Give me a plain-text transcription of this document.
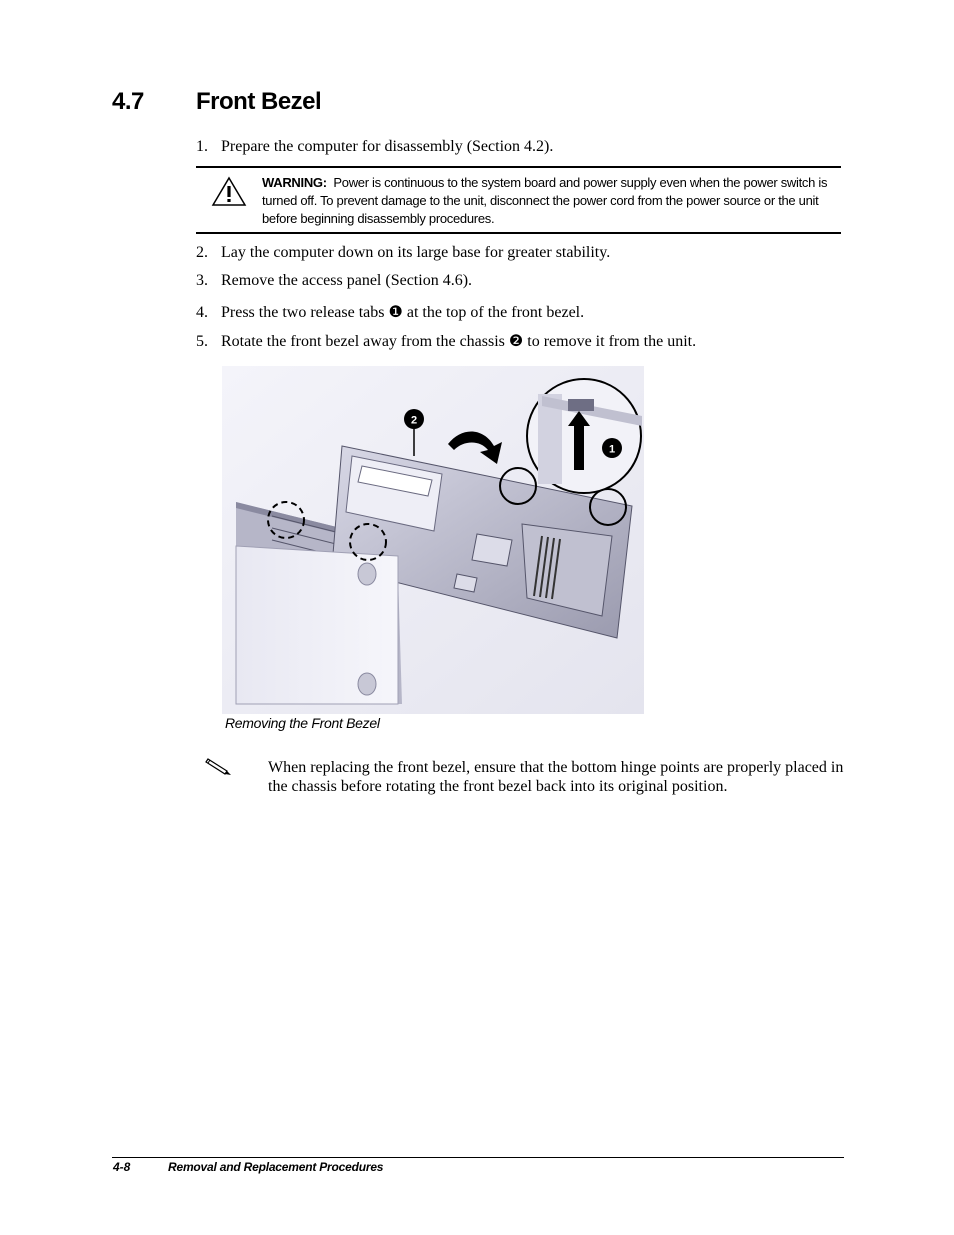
4.7 Front Bezel
1. Prepare the computer for disassembly (Section 4.2).
WARNING: Power is continuous to the system board and power supply even when the power switch is turned off. To prevent damage to the unit, disconnect the power cord from the power source or the unit before beginning disassembly procedures.
2. Lay the computer down on its large base for greater stability.
3. Remove the access panel (Section 4.6).
4. Press the two release tabs ❶ at the top of the front bezel.
5. Rotate the front bezel away from the chassis ❷ to remove it from the unit.
2
1
Removing the Front Bezel
When replacing the front bezel, ensure that the bottom hinge points are properly placed in the chassis before rotating the front bezel back into its original position.
4-8	Removal and Replacement Procedures
